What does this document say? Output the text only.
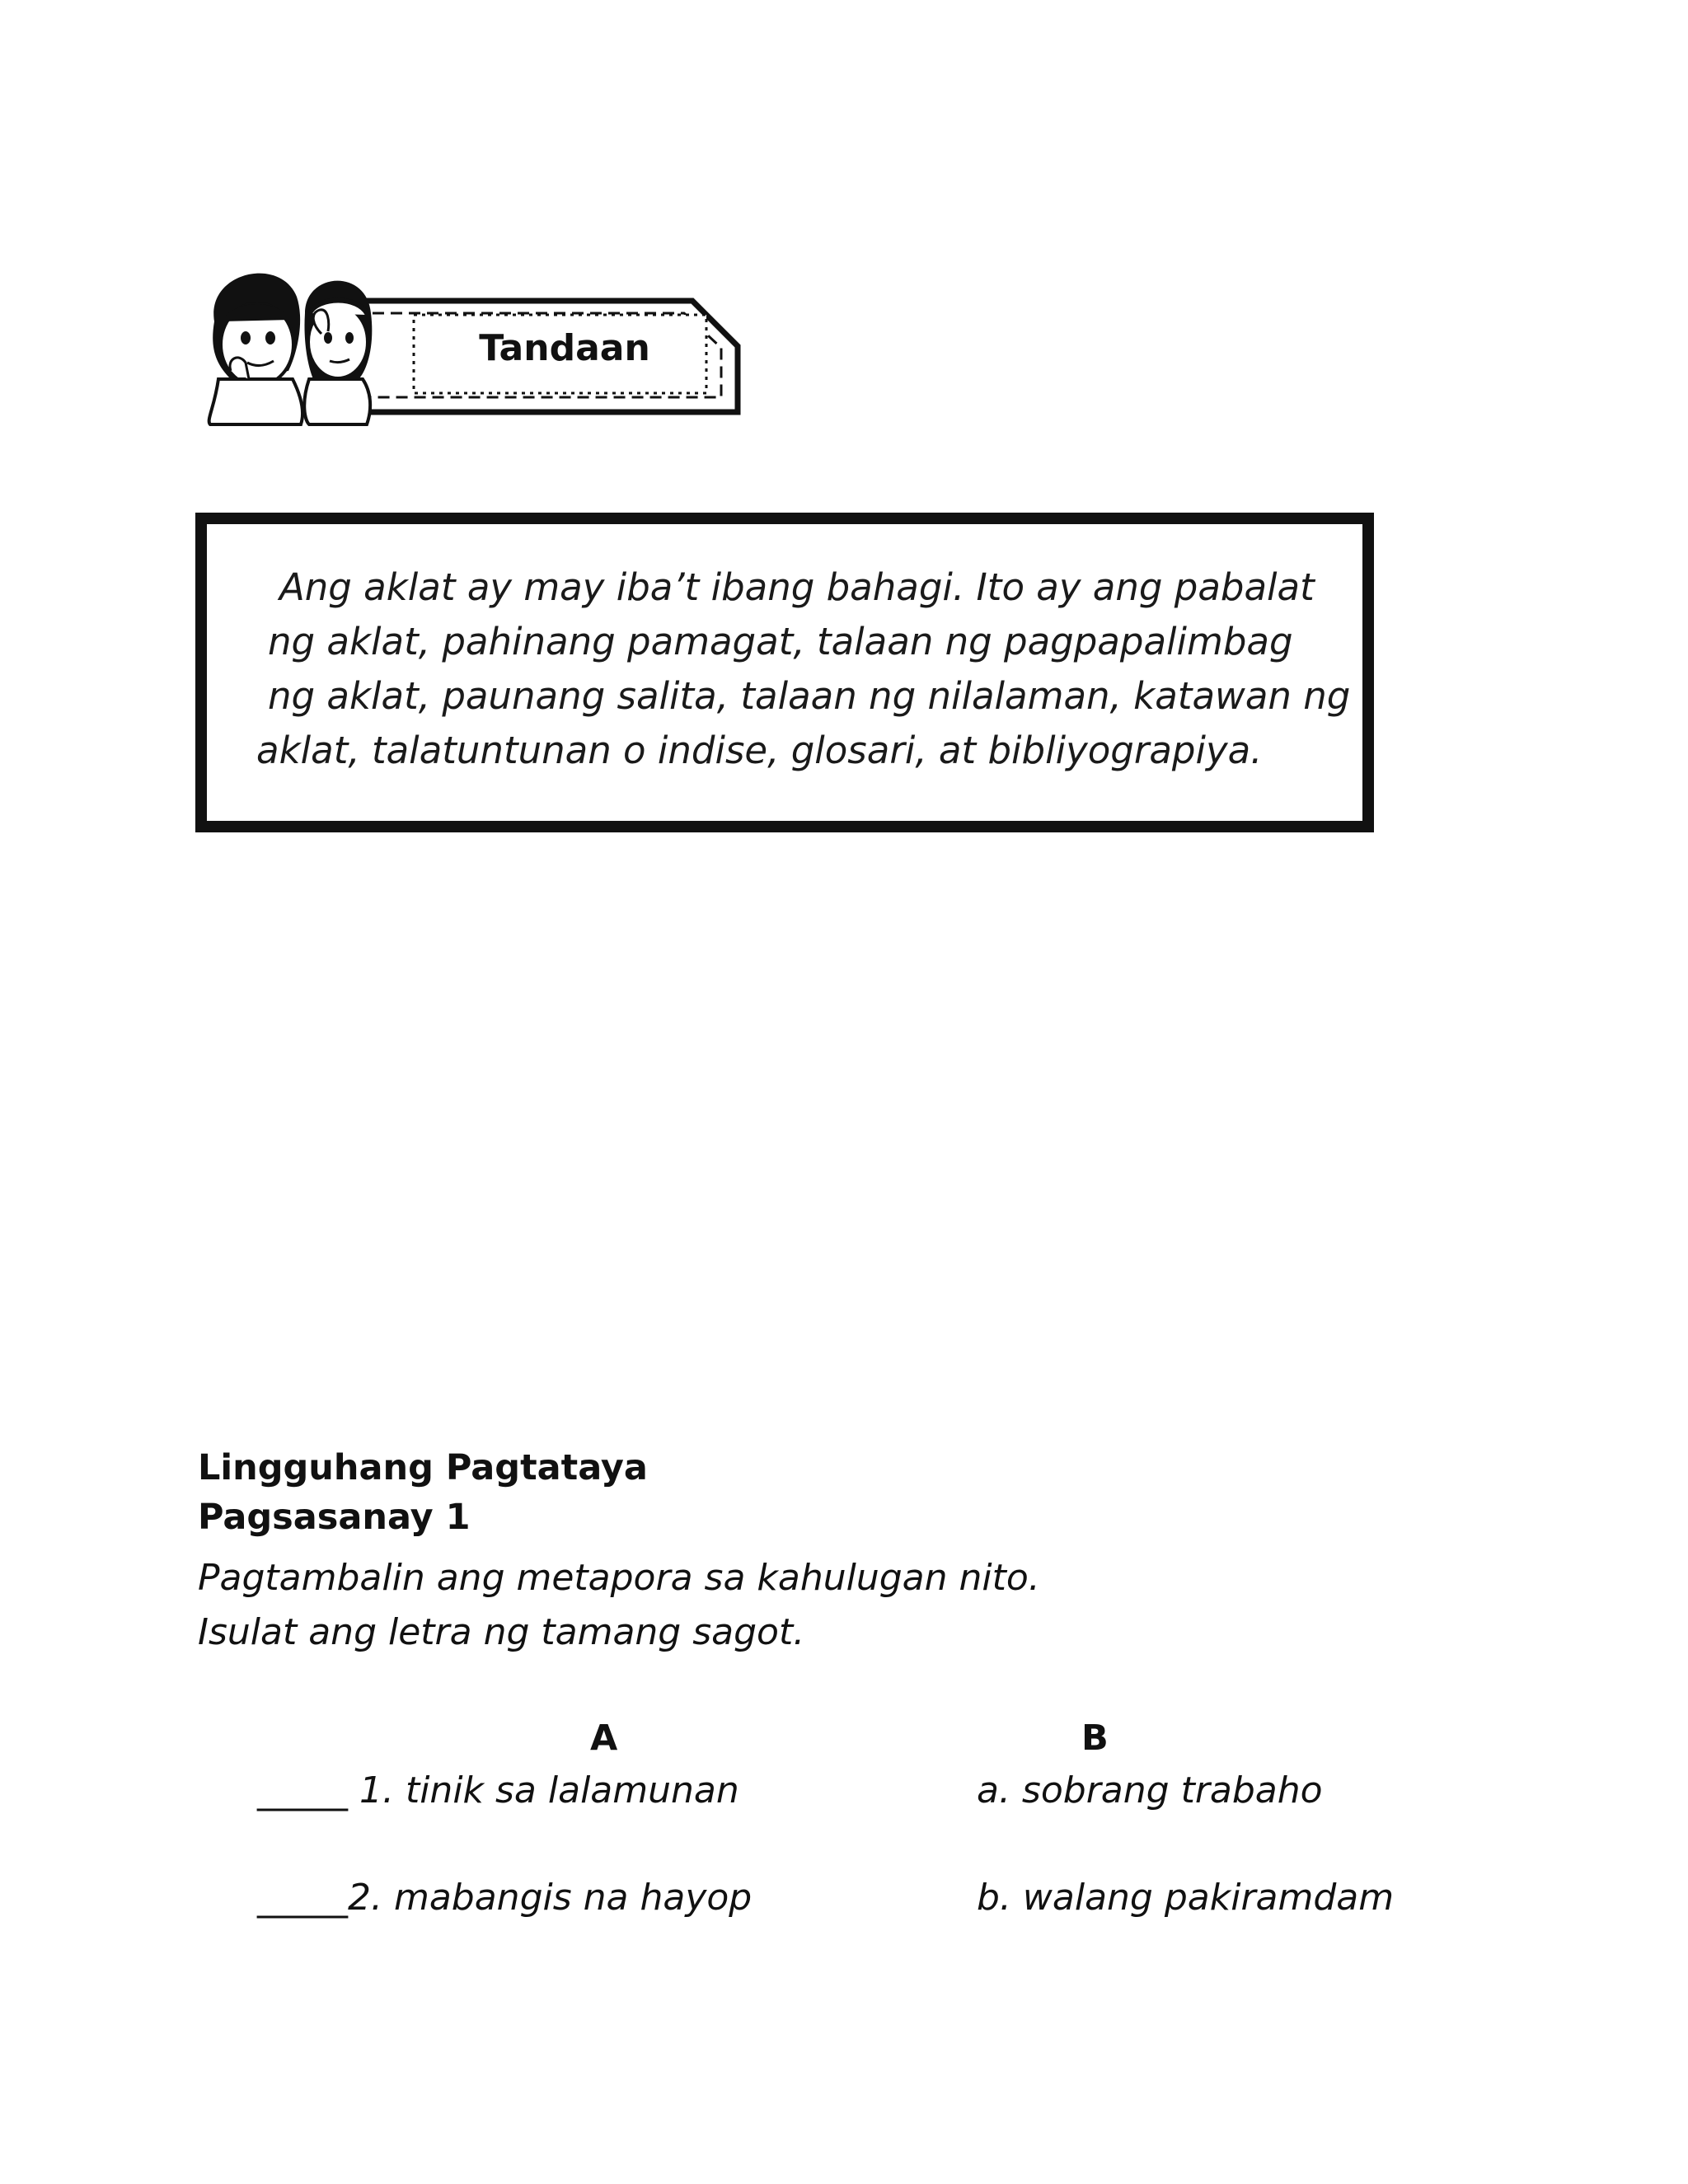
Tandaan
Ang aklat ay may iba’t ibang bahagi. Ito ay ang pabalat
ng aklat, pahinang pamagat, talaan ng pagpapalimbag
ng aklat, paunang salita, talaan ng nilalaman, katawan ng
aklat, talatuntunan o indise, glosari, at bibliyograpiya.
Lingguhang Pagtataya
Pagsasanay 1
Pagtambalin ang metapora sa kahulugan nito.
Isulat ang letra ng tamang sagot.
A	B
_____ 1. tinik sa lalamunan
_____2. mabangis na hayop
a. sobrang trabaho
b. walang pakiramdam
